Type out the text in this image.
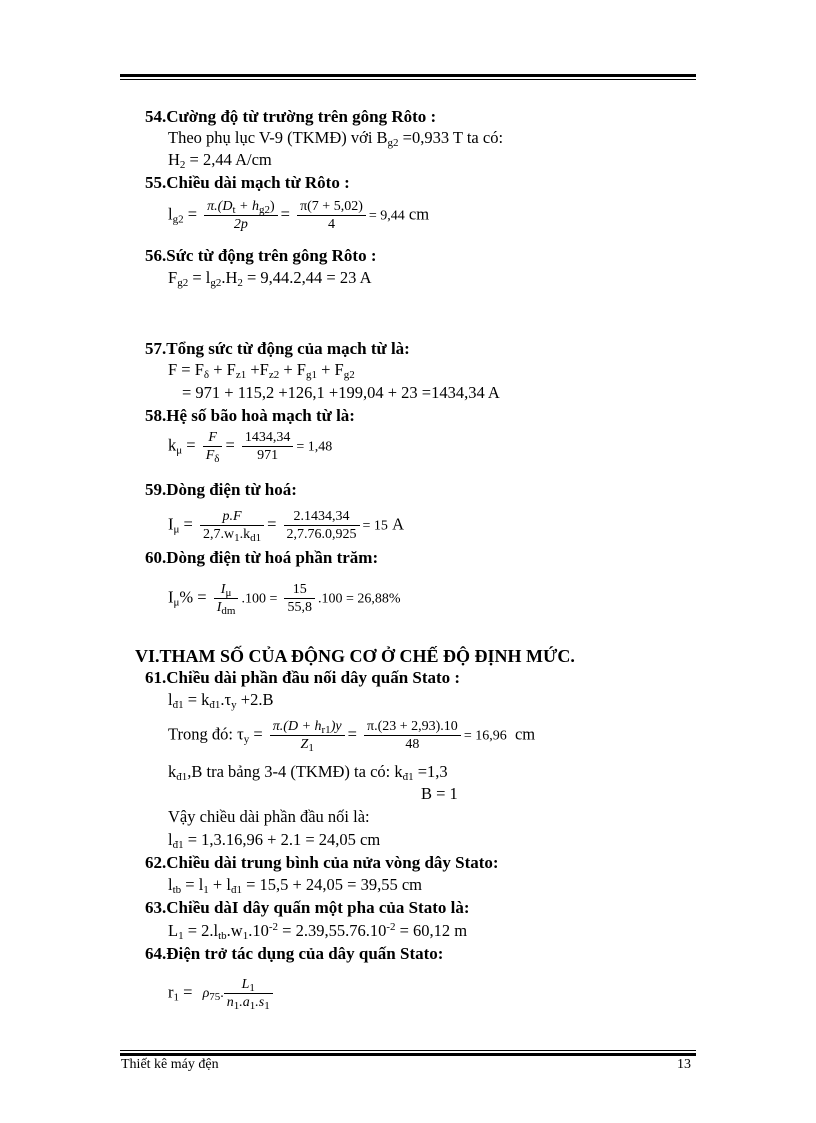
54.Cường độ từ trường trên gông Rôto :
Theo phụ lục V-9 (TKMĐ) với $B_{g2} =0,933$ T ta có:
$H_2 = 2,44$ A/cm
55.Chiều dài mạch từ Rôto :
$l_{g2} = \frac{\pi.(D_t + h_{g2})}{2p} = \frac{\pi(7 + 5,02)}{4} = 9,44$ cm
56.Sức từ động trên gông Rôto :
$F_{g2} = l_{g2}.H_2 = 9,44.2,44 = 23$ A
57.Tổng sức từ động của mạch từ là:
$F = F_\delta + F_{z1} +F_{z2} + F_{g1} + F_{g2}$
= 971 + 115,2 +126,1 +199,04 + 23 =1434,34 A
58.Hệ số bão hoà mạch từ là:
$k_\mu = \frac{F}{F_\delta} = \frac{1434,34}{971} = 1,48$
59.Dòng điện từ hoá:
$I_\mu = \frac{p.F}{2,7.w_1.k_{d1}} = \frac{2.1434,34}{2,7.76.0,925} = 15$ A
60.Dòng điện từ hoá phần trăm:
$I_\mu\% = \frac{I_\mu}{I_{dm}} .100 = \frac{15}{55,8} .100 = 26,88\%$
VI.THAM SỐ CỦA ĐỘNG CƠ Ở CHẾ ĐỘ ĐỊNH MỨC.
61.Chiều dài phần đầu nối dây quấn Stato :
$l_{đ1} = k_{đ1}.\tau_y +2.B$
Trong đó: $\tau_y = \frac{\pi.(D + h_{r1})y}{Z_1} = \frac{\pi.(23 + 2,93).10}{48} = 16,96$ cm
$k_{đ1},B$ tra bảng 3-4 (TKMĐ) ta có: $k_{đ1} =1,3$
B = 1
Vậy chiều dài phần đầu nối là:
$l_{đ1} = 1,3.16,96 + 2.1 = 24,05$ cm
62.Chiều dài trung bình của nửa vòng dây Stato:
$l_{tb} = l_1 + l_{đ1} = 15,5 + 24,05 = 39,55$ cm
63.Chiều dàI dây quấn một pha của Stato là:
$L_1 = 2.l_{tb}.w_1.10^{-2} = 2.39,55.76.10^{-2} = 60,12$ m
64.Điện trở tác dụng của dây quấn Stato:
$r_1 = \rho_{75}$. $\frac{L_1}{n_1.a_1.s_1}$
Thiết kê máy đện	13
